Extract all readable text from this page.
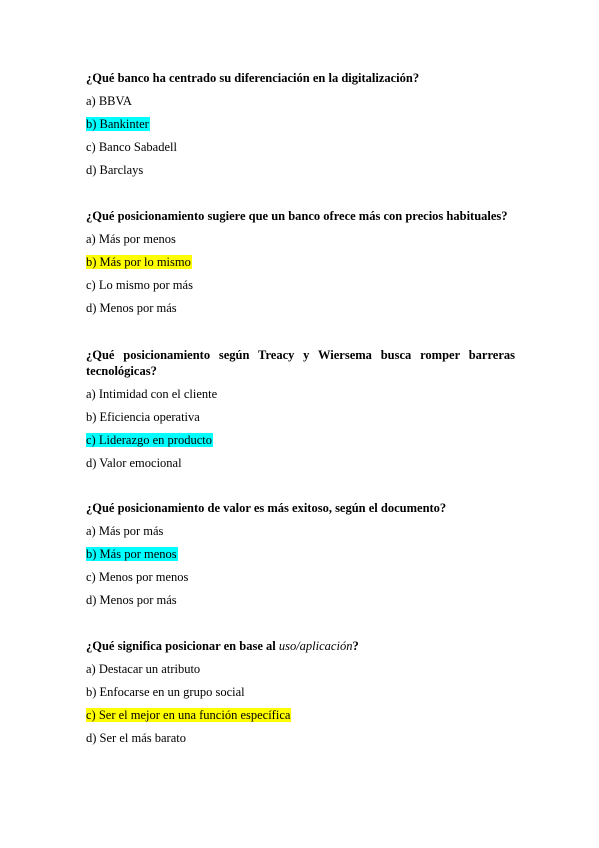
¿Qué banco ha centrado su diferenciación en la digitalización?

a) BBVA
b) Bankinter
c) Banco Sabadell
d) Barclays

¿Qué posicionamiento sugiere que un banco ofrece más con precios habituales?

a) Más por menos
b) Más por lo mismo
c) Lo mismo por más
d) Menos por más

¿Qué posicionamiento según Treacy y Wiersema busca romper barreras tecnológicas?

a) Intimidad con el cliente
b) Eficiencia operativa
c) Liderazgo en producto
d) Valor emocional

¿Qué posicionamiento de valor es más exitoso, según el documento?

a) Más por más
b) Más por menos
c) Menos por menos
d) Menos por más

¿Qué significa posicionar en base al uso/aplicación?

a) Destacar un atributo
b) Enfocarse en un grupo social
c) Ser el mejor en una función específica
d) Ser el más barato
